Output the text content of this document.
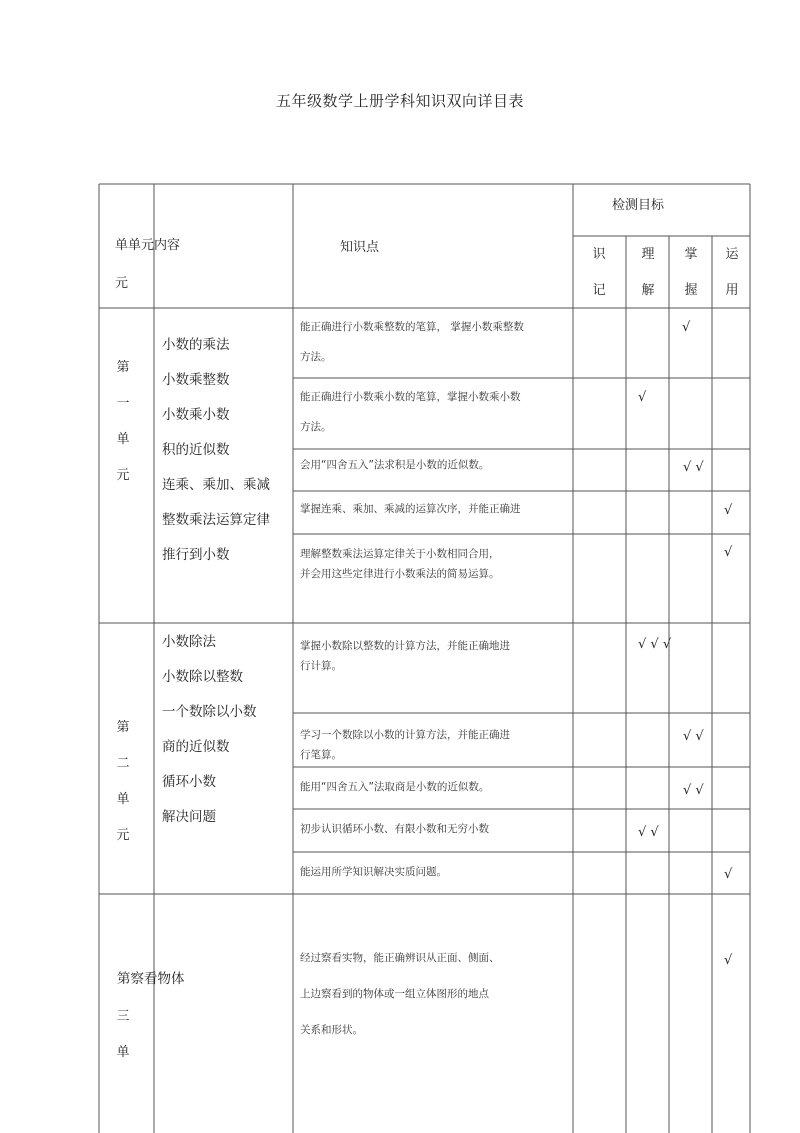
五年级数学上册学科知识双向详目表
单单元内容
元
知识点
检测目标
识
记
理
解
掌
握
运
用
第
一
单
元
小数的乘法
小数乘整数
小数乘小数
积的近似数
连乘、乘加、乘减
整数乘法运算定律
推行到小数
能正确进行小数乘整数的笔算， 掌握小数乘整数
方法。
能正确进行小数乘小数的笔算，掌握小数乘小数
方法。
会用“四舍五入”法求积是小数的近似数。
掌握连乘、乘加、乘减的运算次序，并能正确进
理解整数乘法运算定律关于小数相同合用，
并会用这些定律进行小数乘法的简易运算。
√
√
√ √
√
√
第
二
单
元
小数除法
小数除以整数
一个数除以小数
商的近似数
循环小数
解决问题
掌握小数除以整数的计算方法，并能正确地进
行计算。
学习一个数除以小数的计算方法，并能正确进
行笔算。
能用“四舍五入”法取商是小数的近似数。
初步认识循环小数、有限小数和无穷小数
能运用所学知识解决实质问题。
√ √ √
√ √
√ √
√ √
√
第察看物体
三
单
经过察看实物，能正确辨识从正面、侧面、
上边察看到的物体或一组立体图形的地点
关系和形状。
√
